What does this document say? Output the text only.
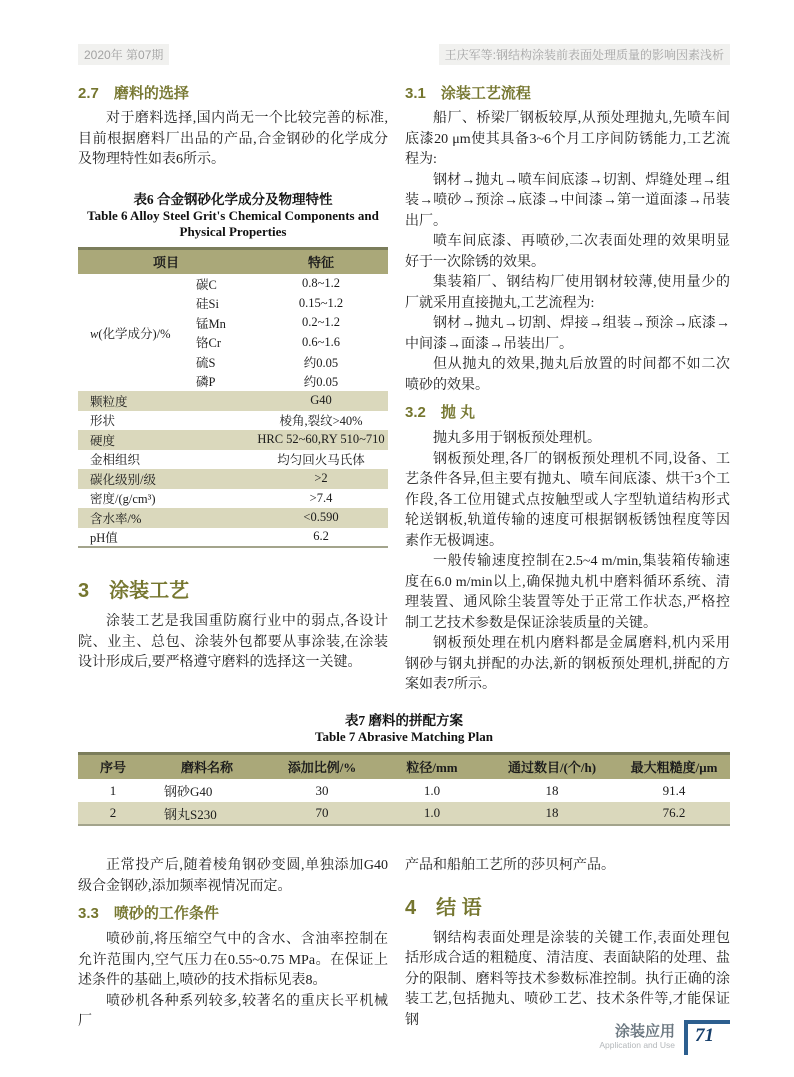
2020年 第07期	王庆军等:钢结构涂装前表面处理质量的影响因素浅析
2.7 磨料的选择

对于磨料选择,国内尚无一个比较完善的标准,目前根据磨料厂出品的产品,合金钢砂的化学成分及物理特性如表6所示。

表6 合金钢砂化学成分及物理特性
Table 6 Alloy Steel Grit's Chemical Components and
Physical Properties
项目		特征
w(化学成分)/%	碳C	0.8~1.2
	硅Si	0.15~1.2
	锰Mn	0.2~1.2
	铬Cr	0.6~1.6
	硫S	约0.05
	磷P	约0.05
颗粒度		G40
形状		棱角,裂纹>40%
硬度		HRC 52~60,RY 510~710
金相组织		均匀回火马氏体
碳化级别/级		>2
密度/(g/cm³)		>7.4
含水率/%		<0.590
pH值		6.2
3 涂装工艺

涂装工艺是我国重防腐行业中的弱点,各设计院、业主、总包、涂装外包都要从事涂装,在涂装设计形成后,要严格遵守磨料的选择这一关键。

3.1 涂装工艺流程

船厂、桥梁厂钢板较厚,从预处理抛丸,先喷车间底漆20 μm使其具备3~6个月工序间防锈能力,工艺流程为:

钢材→抛丸→喷车间底漆→切割、焊缝处理→组装→喷砂→预涂→底漆→中间漆→第一道面漆→吊装出厂。

喷车间底漆、再喷砂,二次表面处理的效果明显好于一次除锈的效果。

集装箱厂、钢结构厂使用钢材较薄,使用量少的厂就采用直接抛丸,工艺流程为:

钢材→抛丸→切割、焊接→组装→预涂→底漆→中间漆→面漆→吊装出厂。

但从抛丸的效果,抛丸后放置的时间都不如二次喷砂的效果。

3.2 抛 丸

抛丸多用于钢板预处理机。

钢板预处理,各厂的钢板预处理机不同,设备、工艺条件各异,但主要有抛丸、喷车间底漆、烘干3个工作段,各工位用键式点按触型或人字型轨道结构形式轮送钢板,轨道传输的速度可根据钢板锈蚀程度等因素作无极调速。

一般传输速度控制在2.5~4 m/min,集装箱传输速度在6.0 m/min以上,确保抛丸机中磨料循环系统、清理装置、通风除尘装置等处于正常工作状态,严格控制工艺技术参数是保证涂装质量的关键。

钢板预处理在机内磨料都是金属磨料,机内采用钢砂与钢丸拼配的办法,新的钢板预处理机,拼配的方案如表7所示。

表7 磨料的拼配方案
Table 7 Abrasive Matching Plan
序号	磨料名称	添加比例/%	粒径/mm	通过数目/(个/h)	最大粗糙度/μm
1	钢砂G40	30	1.0	18	91.4
2	钢丸S230	70	1.0	18	76.2

正常投产后,随着棱角钢砂变圆,单独添加G40级合金钢砂,添加频率视情况而定。

3.3 喷砂的工作条件

喷砂前,将压缩空气中的含水、含油率控制在允许范围内,空气压力在0.55~0.75 MPa。在保证上述条件的基础上,喷砂的技术指标见表8。

喷砂机各种系列较多,较著名的重庆长平机械厂

产品和船舶工艺所的莎贝柯产品。

4 结 语

钢结构表面处理是涂装的关键工作,表面处理包括形成合适的粗糙度、清洁度、表面缺陷的处理、盐分的限制、磨料等技术参数标准控制。执行正确的涂装工艺,包括抛丸、喷砂工艺、技术条件等,才能保证钢

涂装应用
Application and Use	71
